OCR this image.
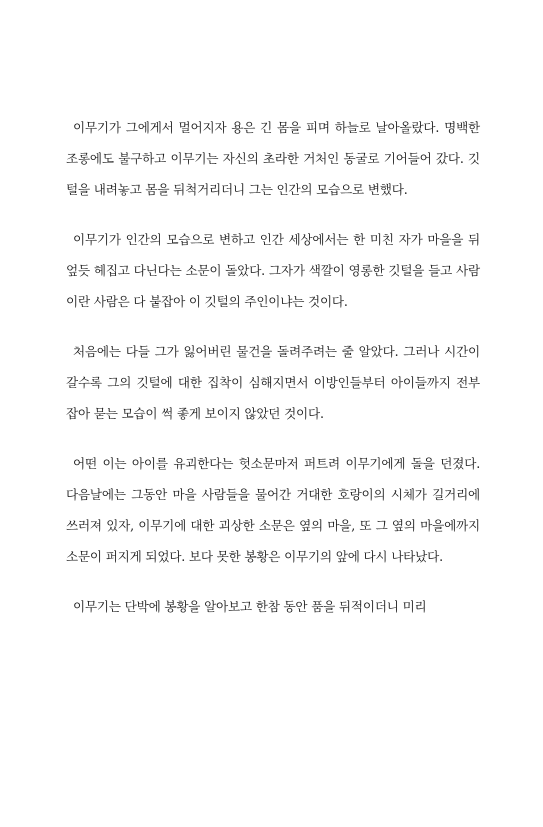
이무기가 그에게서 멀어지자 용은 긴 몸을 피며 하늘로 날아올랐다. 명백한 조롱에도 불구하고 이무기는 자신의 초라한 거처인 동굴로 기어들어 갔다. 깃털을 내려놓고 몸을 뒤척거리더니 그는 인간의 모습으로 변했다.

이무기가 인간의 모습으로 변하고 인간 세상에서는 한 미친 자가 마을을 뒤엎듯 헤집고 다닌다는 소문이 돌았다. 그자가 색깔이 영롱한 깃털을 들고 사람이란 사람은 다 붙잡아 이 깃털의 주인이냐는 것이다.

처음에는 다들 그가 잃어버린 물건을 돌려주려는 줄 알았다. 그러나 시간이 갈수록 그의 깃털에 대한 집착이 심해지면서 이방인들부터 아이들까지 전부 잡아 묻는 모습이 썩 좋게 보이지 않았던 것이다.

어떤 이는 아이를 유괴한다는 헛소문마저 퍼트려 이무기에게 돌을 던졌다. 다음날에는 그동안 마을 사람들을 물어간 거대한 호랑이의 시체가 길거리에 쓰러져 있자, 이무기에 대한 괴상한 소문은 옆의 마을, 또 그 옆의 마을에까지 소문이 퍼지게 되었다. 보다 못한 봉황은 이무기의 앞에 다시 나타났다.

이무기는 단박에 봉황을 알아보고 한참 동안 품을 뒤적이더니 미리
